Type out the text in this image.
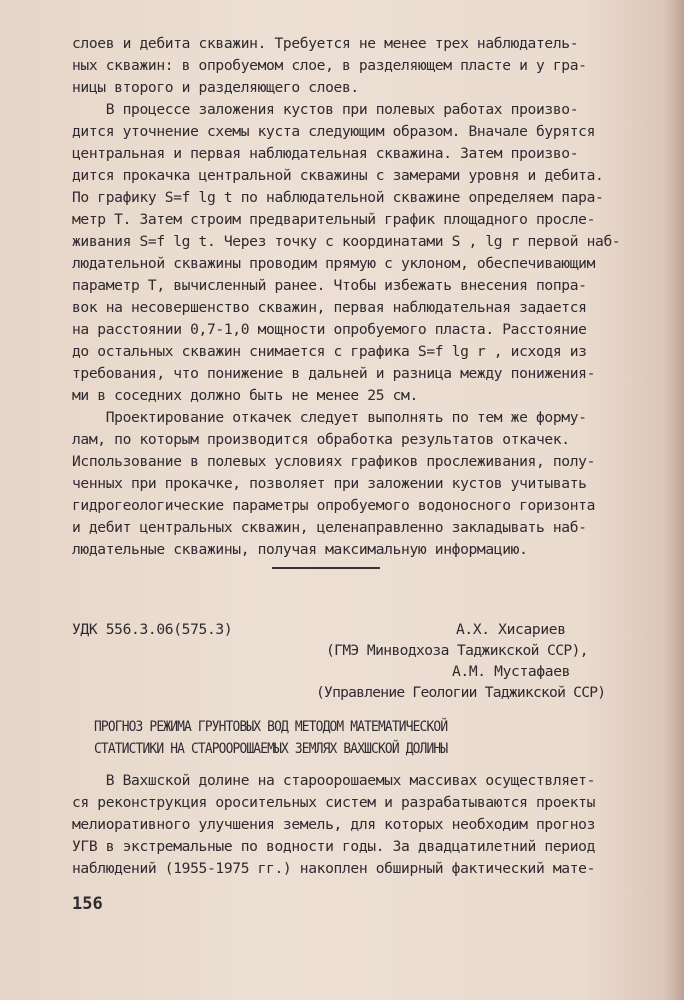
слоев и дебита скважин. Требуется не менее трех наблюдатель-
ных скважин: в опробуемом слое, в разделяющем пласте и у гра-
ницы второго и разделяющего слоев.
В процессе заложения кустов при полевых работах произво-
дится уточнение схемы куста следующим образом. Вначале бурятся
центральная и первая наблюдательная скважина. Затем произво-
дится прокачка центральной скважины с замерами уровня и дебита.
По графику S=f lg t по наблюдательной скважине определяем пара-
метр Т. Затем строим предварительный график площадного просле-
живания S=f lg t. Через точку с координатами S , lg r первой наб-
людательной скважины проводим прямую с уклоном, обеспечивающим
параметр Т, вычисленный ранее. Чтобы избежать внесения попра-
вок на несовершенство скважин, первая наблюдательная задается
на расстоянии 0,7-1,0 мощности опробуемого пласта. Расстояние
до остальных скважин снимается с графика S=f lg r , исходя из
требования, что понижение в дальней и разница между понижения-
ми в соседних должно быть не менее 25 см.
Проектирование откачек следует выполнять по тем же форму-
лам, по которым производится обработка результатов откачек.
Использование в полевых условиях графиков прослеживания, полу-
ченных при прокачке, позволяет при заложении кустов учитывать
гидрогеологические параметры опробуемого водоносного горизонта
и дебит центральных скважин, целенаправленно закладывать наб-
людательные скважины, получая максимальную информацию.
УДК 556.3.06(575.3)	А.Х. Хисариев
(ГМЭ Минводхоза Таджикской ССР),
А.М. Мустафаев
(Управление Геологии Таджикской ССР)
ПРОГНОЗ РЕЖИМА ГРУНТОВЫХ ВОД МЕТОДОМ МАТЕМАТИЧЕСКОЙ
СТАТИСТИКИ НА СТАРООРОШАЕМЫХ ЗЕМЛЯХ ВАХШСКОЙ ДОЛИНЫ
В Вахшской долине на староорошаемых массивах осуществляет-
ся реконструкция оросительных систем и разрабатываются проекты
мелиоративного улучшения земель, для которых необходим прогноз
УГВ в экстремальные по водности годы. За двадцатилетний период
наблюдений (1955-1975 гг.) накоплен обширный фактический мате-
156
